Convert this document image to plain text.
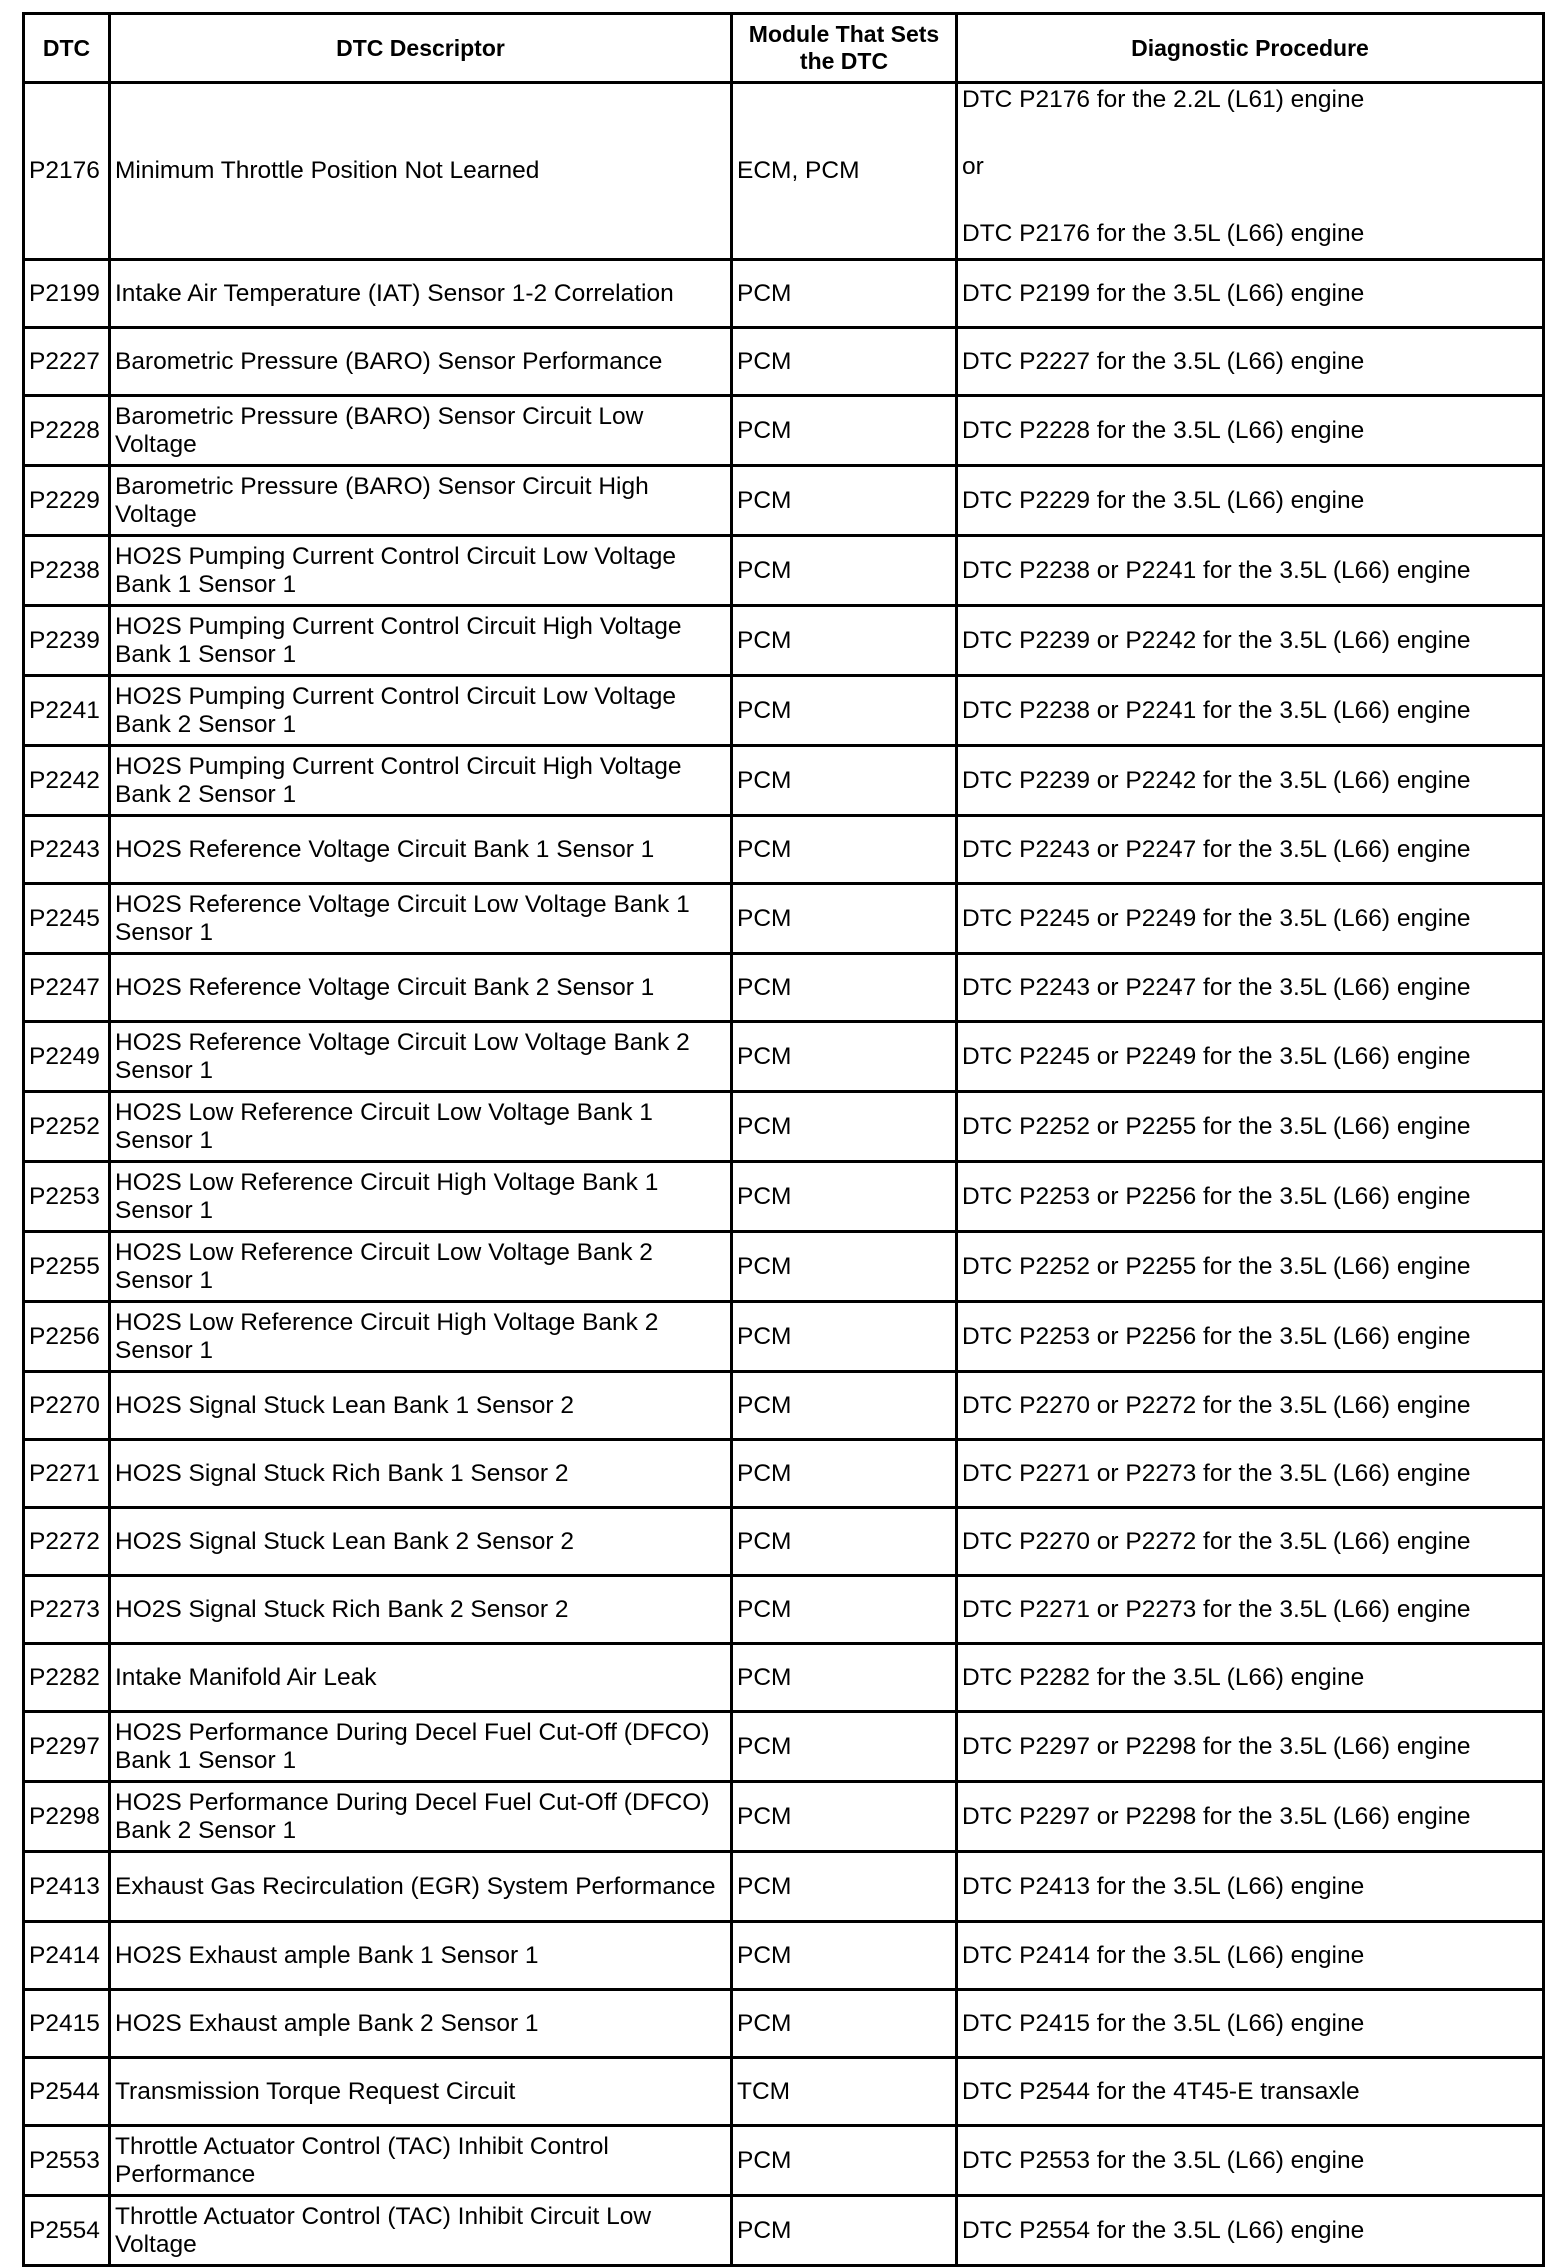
DTC	DTC Descriptor	Module That Sets the DTC	Diagnostic Procedure
P2176	Minimum Throttle Position Not Learned	ECM, PCM	DTC P2176 for the 2.2L (L61) engine
or
DTC P2176 for the 3.5L (L66) engine

P2199	Intake Air Temperature (IAT) Sensor 1-2 Correlation	PCM	DTC P2199 for the 3.5L (L66) engine
P2227	Barometric Pressure (BARO) Sensor Performance	PCM	DTC P2227 for the 3.5L (L66) engine
P2228	Barometric Pressure (BARO) Sensor Circuit Low Voltage	PCM	DTC P2228 for the 3.5L (L66) engine
P2229	Barometric Pressure (BARO) Sensor Circuit High Voltage	PCM	DTC P2229 for the 3.5L (L66) engine
P2238	HO2S Pumping Current Control Circuit Low Voltage Bank 1 Sensor 1	PCM	DTC P2238 or P2241 for the 3.5L (L66) engine
P2239	HO2S Pumping Current Control Circuit High Voltage Bank 1 Sensor 1	PCM	DTC P2239 or P2242 for the 3.5L (L66) engine
P2241	HO2S Pumping Current Control Circuit Low Voltage Bank 2 Sensor 1	PCM	DTC P2238 or P2241 for the 3.5L (L66) engine
P2242	HO2S Pumping Current Control Circuit High Voltage Bank 2 Sensor 1	PCM	DTC P2239 or P2242 for the 3.5L (L66) engine
P2243	HO2S Reference Voltage Circuit Bank 1 Sensor 1	PCM	DTC P2243 or P2247 for the 3.5L (L66) engine
P2245	HO2S Reference Voltage Circuit Low Voltage Bank 1 Sensor 1	PCM	DTC P2245 or P2249 for the 3.5L (L66) engine
P2247	HO2S Reference Voltage Circuit Bank 2 Sensor 1	PCM	DTC P2243 or P2247 for the 3.5L (L66) engine
P2249	HO2S Reference Voltage Circuit Low Voltage Bank 2 Sensor 1	PCM	DTC P2245 or P2249 for the 3.5L (L66) engine
P2252	HO2S Low Reference Circuit Low Voltage Bank 1 Sensor 1	PCM	DTC P2252 or P2255 for the 3.5L (L66) engine
P2253	HO2S Low Reference Circuit High Voltage Bank 1 Sensor 1	PCM	DTC P2253 or P2256 for the 3.5L (L66) engine
P2255	HO2S Low Reference Circuit Low Voltage Bank 2 Sensor 1	PCM	DTC P2252 or P2255 for the 3.5L (L66) engine
P2256	HO2S Low Reference Circuit High Voltage Bank 2 Sensor 1	PCM	DTC P2253 or P2256 for the 3.5L (L66) engine
P2270	HO2S Signal Stuck Lean Bank 1 Sensor 2	PCM	DTC P2270 or P2272 for the 3.5L (L66) engine
P2271	HO2S Signal Stuck Rich Bank 1 Sensor 2	PCM	DTC P2271 or P2273 for the 3.5L (L66) engine
P2272	HO2S Signal Stuck Lean Bank 2 Sensor 2	PCM	DTC P2270 or P2272 for the 3.5L (L66) engine
P2273	HO2S Signal Stuck Rich Bank 2 Sensor 2	PCM	DTC P2271 or P2273 for the 3.5L (L66) engine
P2282	Intake Manifold Air Leak	PCM	DTC P2282 for the 3.5L (L66) engine
P2297	HO2S Performance During Decel Fuel Cut-Off (DFCO) Bank 1 Sensor 1	PCM	DTC P2297 or P2298 for the 3.5L (L66) engine
P2298	HO2S Performance During Decel Fuel Cut-Off (DFCO) Bank 2 Sensor 1	PCM	DTC P2297 or P2298 for the 3.5L (L66) engine
P2413	Exhaust Gas Recirculation (EGR) System Performance	PCM	DTC P2413 for the 3.5L (L66) engine
P2414	HO2S Exhaust ample Bank 1 Sensor 1	PCM	DTC P2414 for the 3.5L (L66) engine
P2415	HO2S Exhaust ample Bank 2 Sensor 1	PCM	DTC P2415 for the 3.5L (L66) engine
P2544	Transmission Torque Request Circuit	TCM	DTC P2544 for the 4T45-E transaxle
P2553	Throttle Actuator Control (TAC) Inhibit Control Performance	PCM	DTC P2553 for the 3.5L (L66) engine
P2554	Throttle Actuator Control (TAC) Inhibit Circuit Low Voltage	PCM	DTC P2554 for the 3.5L (L66) engine
